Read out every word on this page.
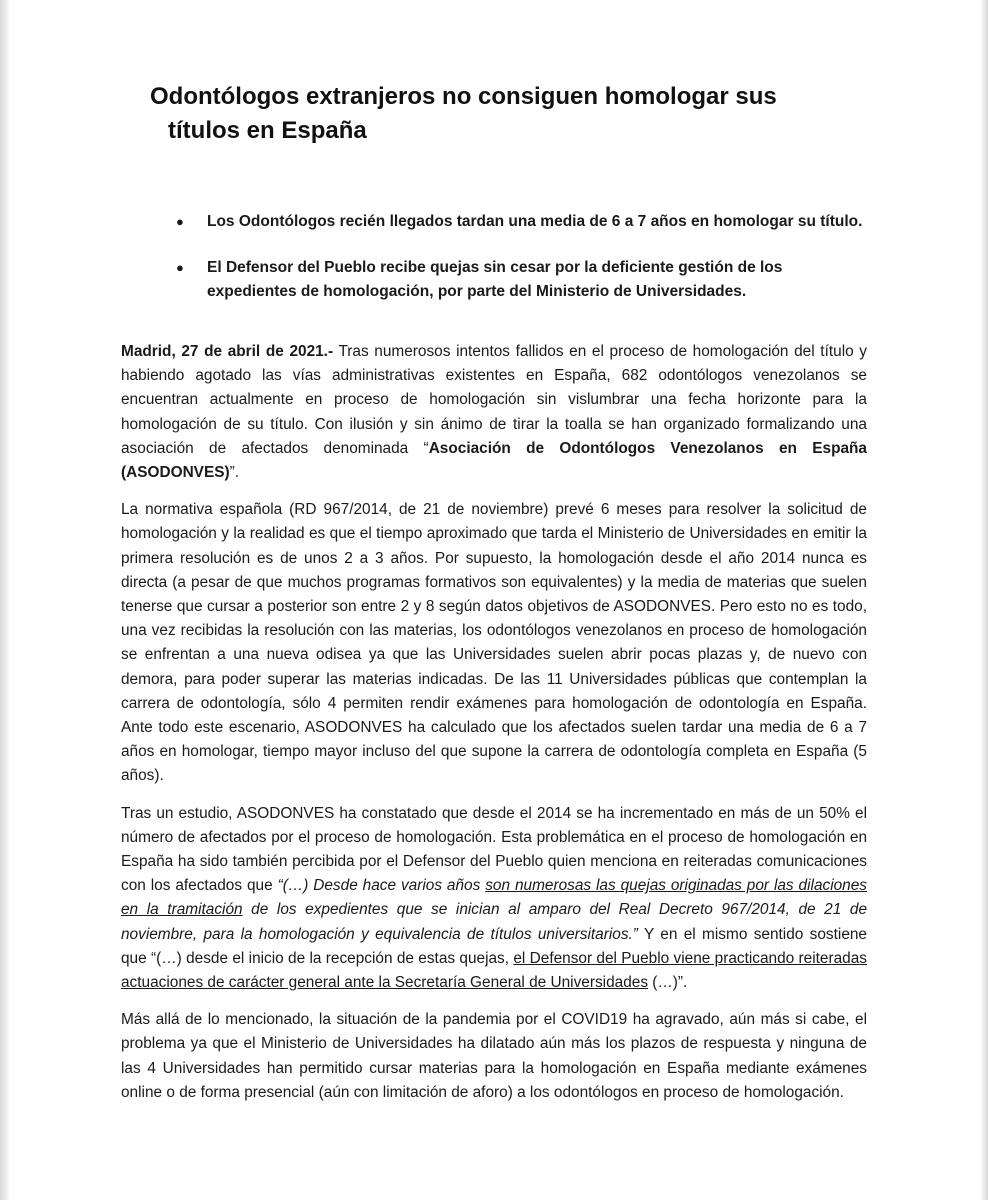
Odontólogos extranjeros no consiguen homologar sus
títulos en España
● Los Odontólogos recién llegados tardan una media de 6 a 7 años en homologar su título.
● El Defensor del Pueblo recibe quejas sin cesar por la deficiente gestión de los expedientes de homologación, por parte del Ministerio de Universidades.

Madrid, 27 de abril de 2021.- Tras numerosos intentos fallidos en el proceso de homologación del título y habiendo agotado las vías administrativas existentes en España, 682 odontólogos venezolanos se encuentran actualmente en proceso de homologación sin vislumbrar una fecha horizonte para la homologación de su título. Con ilusión y sin ánimo de tirar la toalla se han organizado formalizando una asociación de afectados denominada “Asociación de Odontólogos Venezolanos en España (ASODONVES)”.

La normativa española (RD 967/2014, de 21 de noviembre) prevé 6 meses para resolver la solicitud de homologación y la realidad es que el tiempo aproximado que tarda el Ministerio de Universidades en emitir la primera resolución es de unos 2 a 3 años. Por supuesto, la homologación desde el año 2014 nunca es directa (a pesar de que muchos programas formativos son equivalentes) y la media de materias que suelen tenerse que cursar a posterior son entre 2 y 8 según datos objetivos de ASODONVES. Pero esto no es todo, una vez recibidas la resolución con las materias, los odontólogos venezolanos en proceso de homologación se enfrentan a una nueva odisea ya que las Universidades suelen abrir pocas plazas y, de nuevo con demora, para poder superar las materias indicadas. De las 11 Universidades públicas que contemplan la carrera de odontología, sólo 4 permiten rendir exámenes para homologación de odontología en España. Ante todo este escenario, ASODONVES ha calculado que los afectados suelen tardar una media de 6 a 7 años en homologar, tiempo mayor incluso del que supone la carrera de odontología completa en España (5 años).

Tras un estudio, ASODONVES ha constatado que desde el 2014 se ha incrementado en más de un 50% el número de afectados por el proceso de homologación. Esta problemática en el proceso de homologación en España ha sido también percibida por el Defensor del Pueblo quien menciona en reiteradas comunicaciones con los afectados que “(…) Desde hace varios años son numerosas las quejas originadas por las dilaciones en la tramitación de los expedientes que se inician al amparo del Real Decreto 967/2014, de 21 de noviembre, para la homologación y equivalencia de títulos universitarios.” Y en el mismo sentido sostiene que “(…) desde el inicio de la recepción de estas quejas, el Defensor del Pueblo viene practicando reiteradas actuaciones de carácter general ante la Secretaría General de Universidades (…)”.

Más allá de lo mencionado, la situación de la pandemia por el COVID19 ha agravado, aún más si cabe, el problema ya que el Ministerio de Universidades ha dilatado aún más los plazos de respuesta y ninguna de las 4 Universidades han permitido cursar materias para la homologación en España mediante exámenes online o de forma presencial (aún con limitación de aforo) a los odontólogos en proceso de homologación.
